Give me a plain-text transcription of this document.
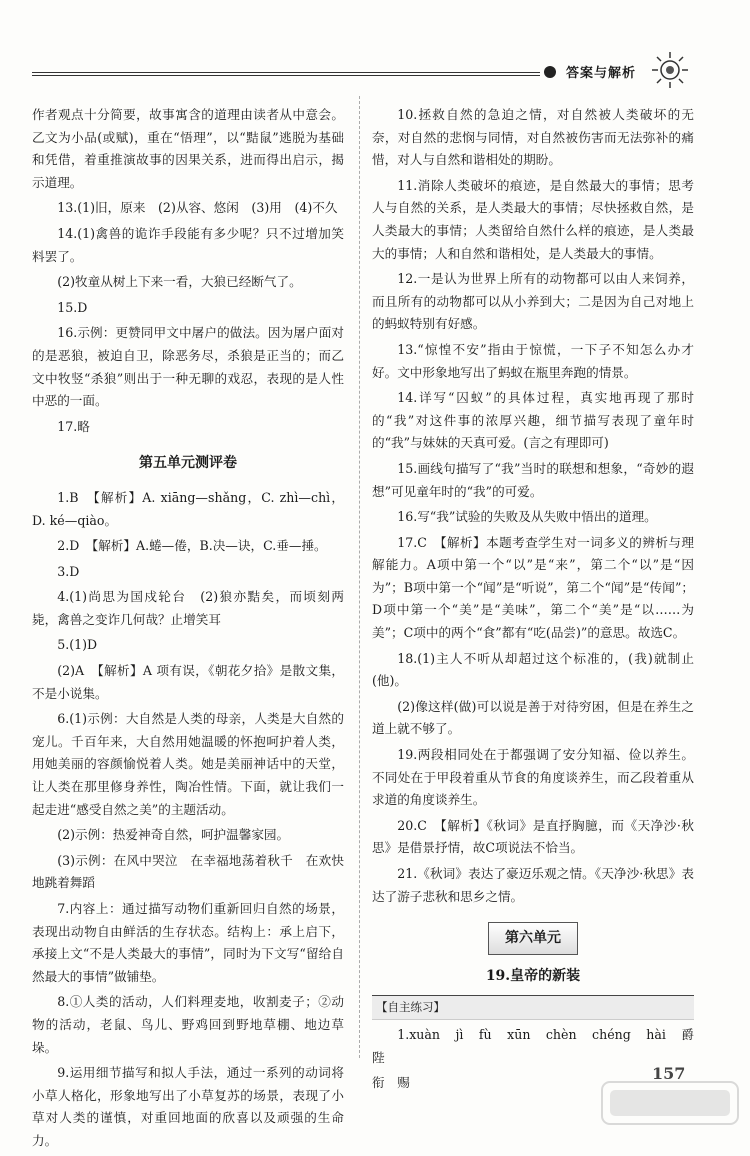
答案与解析

作者观点十分简要，故事寓含的道理由读者从中意会。乙文为小品(或赋)，重在“悟理”，以“黠鼠”逃脱为基础和凭借，着重推演故事的因果关系，进而得出启示，揭示道理。

13.(1)旧，原来　(2)从容、悠闲　(3)用　(4)不久

14.(1)禽兽的诡诈手段能有多少呢？只不过增加笑料罢了。

(2)牧童从树上下来一看，大狼已经断气了。

15.D

16.示例：更赞同甲文中屠户的做法。因为屠户面对的是恶狼，被迫自卫，除恶务尽，杀狼是正当的；而乙文中牧竖“杀狼”则出于一种无聊的戏忍，表现的是人性中恶的一面。

17.略

第五单元测评卷

1.B　【解析】A. xiāng—shǎng，C. zhì—chì，D. ké—qiào。

2.D　【解析】A.蜷—倦，B.决—诀，C.垂—捶。

3.D

4.(1)尚思为国戍轮台　(2)狼亦黠矣，而顷刻两毙，禽兽之变诈几何哉？止增笑耳

5.(1)D

(2)A　【解析】A 项有误，《朝花夕拾》是散文集，不是小说集。

6.(1)示例：大自然是人类的母亲，人类是大自然的宠儿。千百年来，大自然用她温暖的怀抱呵护着人类，用她美丽的容颜愉悦着人类。她是美丽神话中的天堂，让人类在那里修身养性，陶冶性情。下面，就让我们一起走进“感受自然之美”的主题活动。

(2)示例：热爱神奇自然，呵护温馨家园。

(3)示例：在风中哭泣　在幸福地荡着秋千　在欢快地跳着舞蹈

7.内容上：通过描写动物们重新回归自然的场景，表现出动物自由鲜活的生存状态。结构上：承上启下，承接上文“不是人类最大的事情”，同时为下文写“留给自然最大的事情”做铺垫。

8.①人类的活动，人们料理麦地，收割麦子；②动物的活动，老鼠、鸟儿、野鸡回到野地草棚、地边草垛。

9.运用细节描写和拟人手法，通过一系列的动词将小草人格化，形象地写出了小草复苏的场景，表现了小草对人类的谨慎，对重回地面的欣喜以及顽强的生命力。

10.拯救自然的急迫之情，对自然被人类破坏的无奈，对自然的悲悯与同情，对自然被伤害而无法弥补的痛惜，对人与自然和谐相处的期盼。

11.消除人类破坏的痕迹，是自然最大的事情；思考人与自然的关系，是人类最大的事情；尽快拯救自然，是人类最大的事情；人类留给自然什么样的痕迹，是人类最大的事情；人和自然和谐相处，是人类最大的事情。

12.一是认为世界上所有的动物都可以由人来饲养，而且所有的动物都可以从小养到大；二是因为自己对地上的蚂蚁特别有好感。

13.“惊惶不安”指由于惊慌，一下子不知怎么办才好。文中形象地写出了蚂蚁在瓶里奔跑的情景。

14.详写“囚蚁”的具体过程，真实地再现了那时的“我”对这件事的浓厚兴趣，细节描写表现了童年时的“我”与妹妹的天真可爱。(言之有理即可)

15.画线句描写了“我”当时的联想和想象，“奇妙的遐想”可见童年时的“我”的可爱。

16.写“我”试验的失败及从失败中悟出的道理。

17.C　【解析】本题考查学生对一词多义的辨析与理解能力。A项中第一个“以”是“来”，第二个“以”是“因为”；B项中第一个“闻”是“听说”，第二个“闻”是“传闻”；D项中第一个“美”是“美味”，第二个“美”是“以……为美”；C项中的两个“食”都有“吃(品尝)”的意思。故选C。

18.(1)主人不听从却超过这个标准的，(我)就制止(他)。

(2)像这样(做)可以说是善于对待穷困，但是在养生之道上就不够了。

19.两段相同处在于都强调了安分知福、俭以养生。不同处在于甲段着重从节食的角度谈养生，而乙段着重从求道的角度谈养生。

20.C　【解析】《秋词》是直抒胸臆，而《天净沙·秋思》是借景抒情，故C项说法不恰当。

21.《秋词》表达了豪迈乐观之情。《天净沙·秋思》表达了游子悲秋和思乡之情。

第六单元
19.皇帝的新装
【自主练习】

1.xuàn　jì　fù　xūn　chèn　chéng　hài　爵　陛

衔　赐	157
